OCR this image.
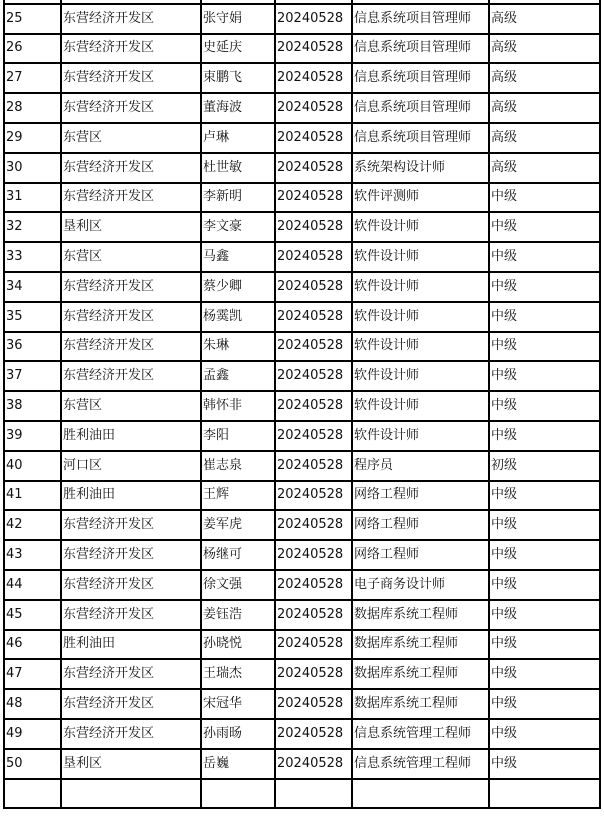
25	东营经济开发区	张守娟	20240528	信息系统项目管理师	高级
26	东营经济开发区	史延庆	20240528	信息系统项目管理师	高级
27	东营经济开发区	束鹏飞	20240528	信息系统项目管理师	高级
28	东营经济开发区	董海波	20240528	信息系统项目管理师	高级
29	东营区	卢琳	20240528	信息系统项目管理师	高级
30	东营经济开发区	杜世敏	20240528	系统架构设计师	高级
31	东营经济开发区	李新明	20240528	软件评测师	中级
32	垦利区	李文豪	20240528	软件设计师	中级
33	东营区	马鑫	20240528	软件设计师	中级
34	东营经济开发区	蔡少卿	20240528	软件设计师	中级
35	东营经济开发区	杨霙凯	20240528	软件设计师	中级
36	东营经济开发区	朱琳	20240528	软件设计师	中级
37	东营经济开发区	孟鑫	20240528	软件设计师	中级
38	东营区	韩怀非	20240528	软件设计师	中级
39	胜利油田	李阳	20240528	软件设计师	中级
40	河口区	崔志泉	20240528	程序员	初级
41	胜利油田	王辉	20240528	网络工程师	中级
42	东营经济开发区	姜军虎	20240528	网络工程师	中级
43	东营经济开发区	杨继可	20240528	网络工程师	中级
44	东营经济开发区	徐文强	20240528	电子商务设计师	中级
45	东营经济开发区	姜钰浩	20240528	数据库系统工程师	中级
46	胜利油田	孙晓悦	20240528	数据库系统工程师	中级
47	东营经济开发区	王瑞杰	20240528	数据库系统工程师	中级
48	东营经济开发区	宋冠华	20240528	数据库系统工程师	中级
49	东营经济开发区	孙雨旸	20240528	信息系统管理工程师	中级
50	垦利区	岳巍	20240528	信息系统管理工程师	中级
